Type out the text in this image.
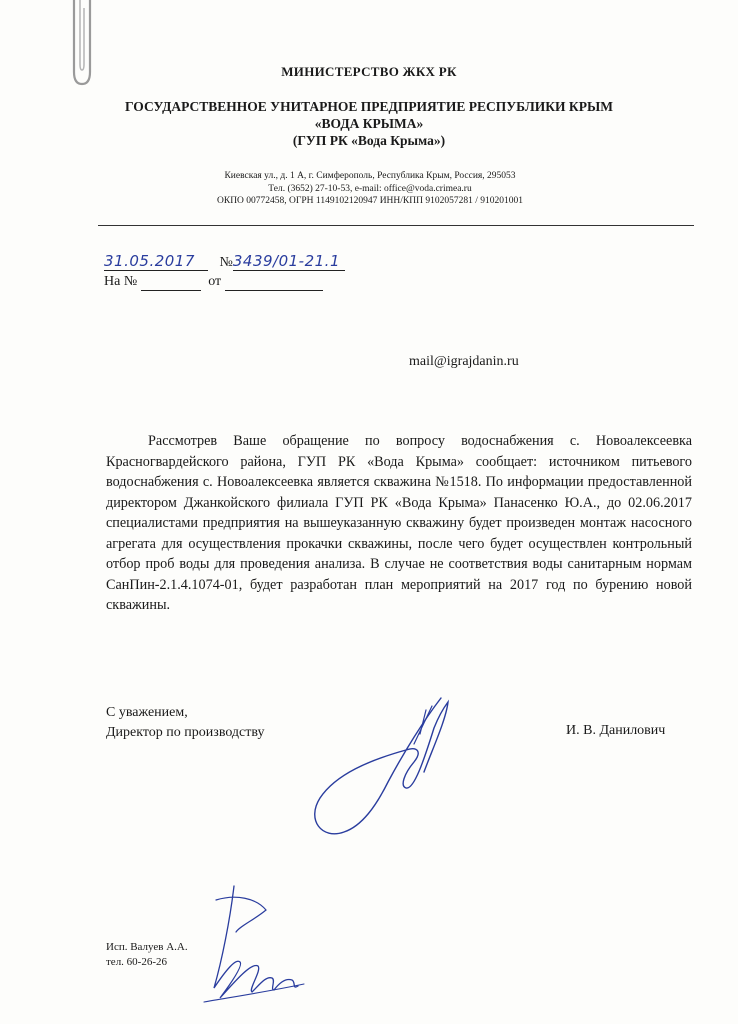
МИНИСТЕРСТВО ЖКХ РК
ГОСУДАРСТВЕННОЕ УНИТАРНОЕ ПРЕДПРИЯТИЕ РЕСПУБЛИКИ КРЫМ
«ВОДА КРЫМА»
(ГУП РК «Вода Крыма»)
Киевская ул., д. 1 А, г. Симферополь, Республика Крым, Россия, 295053
Тел. (3652) 27-10-53, e-mail: office@voda.crimea.ru
ОКПО 00772458, ОГРН 1149102120947 ИНН/КПП 9102057281 / 910201001
31.05.2017 №3439/01-21.1
На №	от
mail@igrajdanin.ru

Рассмотрев Ваше обращение по вопросу водоснабжения с. Новоалексеевка Красногвардейского района, ГУП РК «Вода Крыма» сообщает: источником питьевого водоснабжения с. Новоалексеевка является скважина №1518. По информации предоставленной директором Джанкойского филиала ГУП РК «Вода Крыма» Панасенко Ю.А., до 02.06.2017 специалистами предприятия на вышеуказанную скважину будет произведен монтаж насосного агрегата для осуществления прокачки скважины, после чего будет осуществлен контрольный отбор проб воды для проведения анализа. В случае не соответствия воды санитарным нормам СанПин-2.1.4.1074-01, будет разработан план мероприятий на 2017 год по бурению новой скважины.

С уважением,
Директор по производству	И. В. Данилович
Исп. Валуев А.А.
тел. 60-26-26
